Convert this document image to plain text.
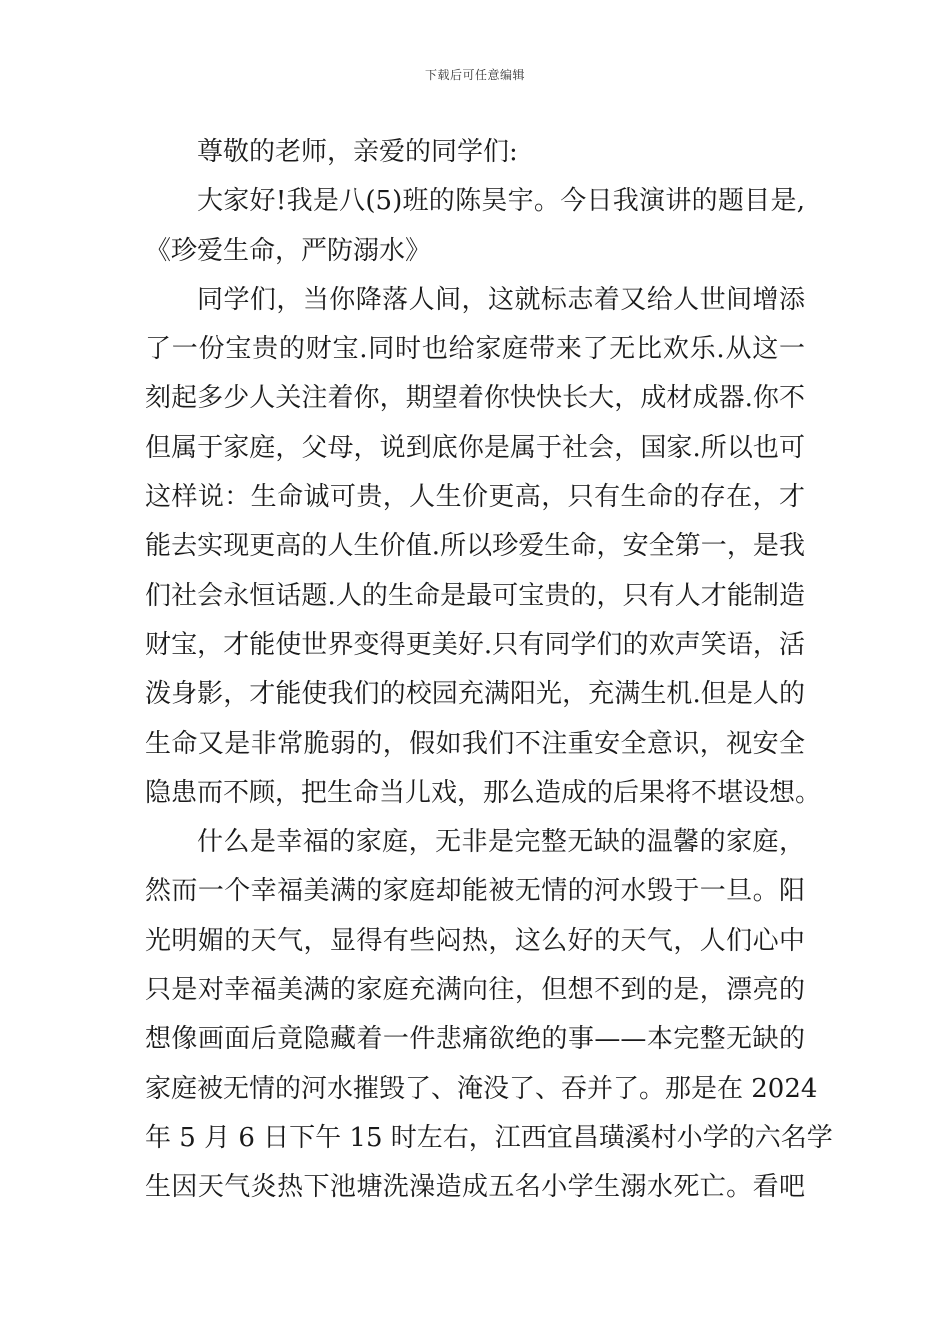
下载后可任意编辑
尊敬的老师，亲爱的同学们:
大家好!我是八(5)班的陈昊宇。今日我演讲的题目是,
《珍爱生命，严防溺水》
同学们，当你降落人间，这就标志着又给人世间增添
了一份宝贵的财宝.同时也给家庭带来了无比欢乐.从这一
刻起多少人关注着你，期望着你快快长大，成材成器.你不
但属于家庭，父母，说到底你是属于社会，国家.所以也可
这样说：生命诚可贵，人生价更高，只有生命的存在，才
能去实现更高的人生价值.所以珍爱生命，安全第一，是我
们社会永恒话题.人的生命是最可宝贵的，只有人才能制造
财宝，才能使世界变得更美好.只有同学们的欢声笑语，活
泼身影，才能使我们的校园充满阳光，充满生机.但是人的
生命又是非常脆弱的，假如我们不注重安全意识，视安全
隐患而不顾，把生命当儿戏，那么造成的后果将不堪设想。
什么是幸福的家庭，无非是完整无缺的温馨的家庭，
然而一个幸福美满的家庭却能被无情的河水毁于一旦。阳
光明媚的天气，显得有些闷热，这么好的天气，人们心中
只是对幸福美满的家庭充满向往，但想不到的是，漂亮的
想像画面后竟隐藏着一件悲痛欲绝的事——本完整无缺的
家庭被无情的河水摧毁了、淹没了、吞并了。那是在 2024
年 5 月 6 日下午 15 时左右，江西宜昌璜溪村小学的六名学
生因天气炎热下池塘洗澡造成五名小学生溺水死亡。看吧
